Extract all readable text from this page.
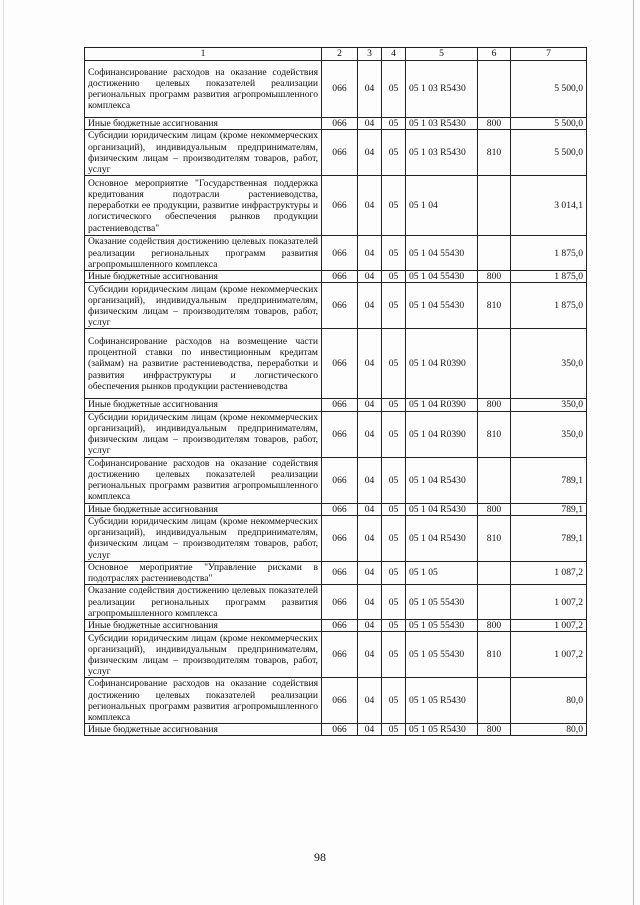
1	2	3	4	5	6	7
Софинансирование расходов на оказание содействия достижению целевых показателей реализации региональных программ развития агропромышленного комплекса	066	04	05	05 1 03 R5430		5 500,0
Иные бюджетные ассигнования	066	04	05	05 1 03 R5430	800	5 500,0
Субсидии юридическим лицам (кроме некоммерческих организаций), индивидуальным предпринимателям, физическим лицам – производителям товаров, работ, услуг	066	04	05	05 1 03 R5430	810	5 500,0
Основное мероприятие "Государственная поддержка кредитования подотрасли растениеводства, переработки ее продукции, развитие инфраструктуры и логистического обеспечения рынков продукции растениеводства"	066	04	05	05 1 04		3 014,1
Оказание содействия достижению целевых показателей реализации региональных программ развития агропромышленного комплекса	066	04	05	05 1 04 55430		1 875,0
Иные бюджетные ассигнования	066	04	05	05 1 04 55430	800	1 875,0
Субсидии юридическим лицам (кроме некоммерческих организаций), индивидуальным предпринимателям, физическим лицам – производителям товаров, работ, услуг	066	04	05	05 1 04 55430	810	1 875,0
Софинансирование расходов на возмещение части процентной ставки по инвестиционным кредитам (займам) на развитие растениеводства, переработки и развития инфраструктуры и логистического обеспечения рынков продукции растениеводства	066	04	05	05 1 04 R0390		350,0
Иные бюджетные ассигнования	066	04	05	05 1 04 R0390	800	350,0
Субсидии юридическим лицам (кроме некоммерческих организаций), индивидуальным предпринимателям, физическим лицам – производителям товаров, работ, услуг	066	04	05	05 1 04 R0390	810	350,0
Софинансирование расходов на оказание содействия достижению целевых показателей реализации региональных программ развития агропромышленного комплекса	066	04	05	05 1 04 R5430		789,1
Иные бюджетные ассигнования	066	04	05	05 1 04 R5430	800	789,1
Субсидии юридическим лицам (кроме некоммерческих организаций), индивидуальным предпринимателям, физическим лицам – производителям товаров, работ, услуг	066	04	05	05 1 04 R5430	810	789,1
Основное мероприятие "Управление рисками в подотраслях растениеводства"	066	04	05	05 1 05		1 087,2
Оказание содействия достижению целевых показателей реализации региональных программ развития агропромышленного комплекса	066	04	05	05 1 05 55430		1 007,2
Иные бюджетные ассигнования	066	04	05	05 1 05 55430	800	1 007,2
Субсидии юридическим лицам (кроме некоммерческих организаций), индивидуальным предпринимателям, физическим лицам – производителям товаров, работ, услуг	066	04	05	05 1 05 55430	810	1 007,2
Софинансирование расходов на оказание содействия достижению целевых показателей реализации региональных программ развития агропромышленного комплекса	066	04	05	05 1 05 R5430		80,0
Иные бюджетные ассигнования	066	04	05	05 1 05 R5430	800	80,0
98
